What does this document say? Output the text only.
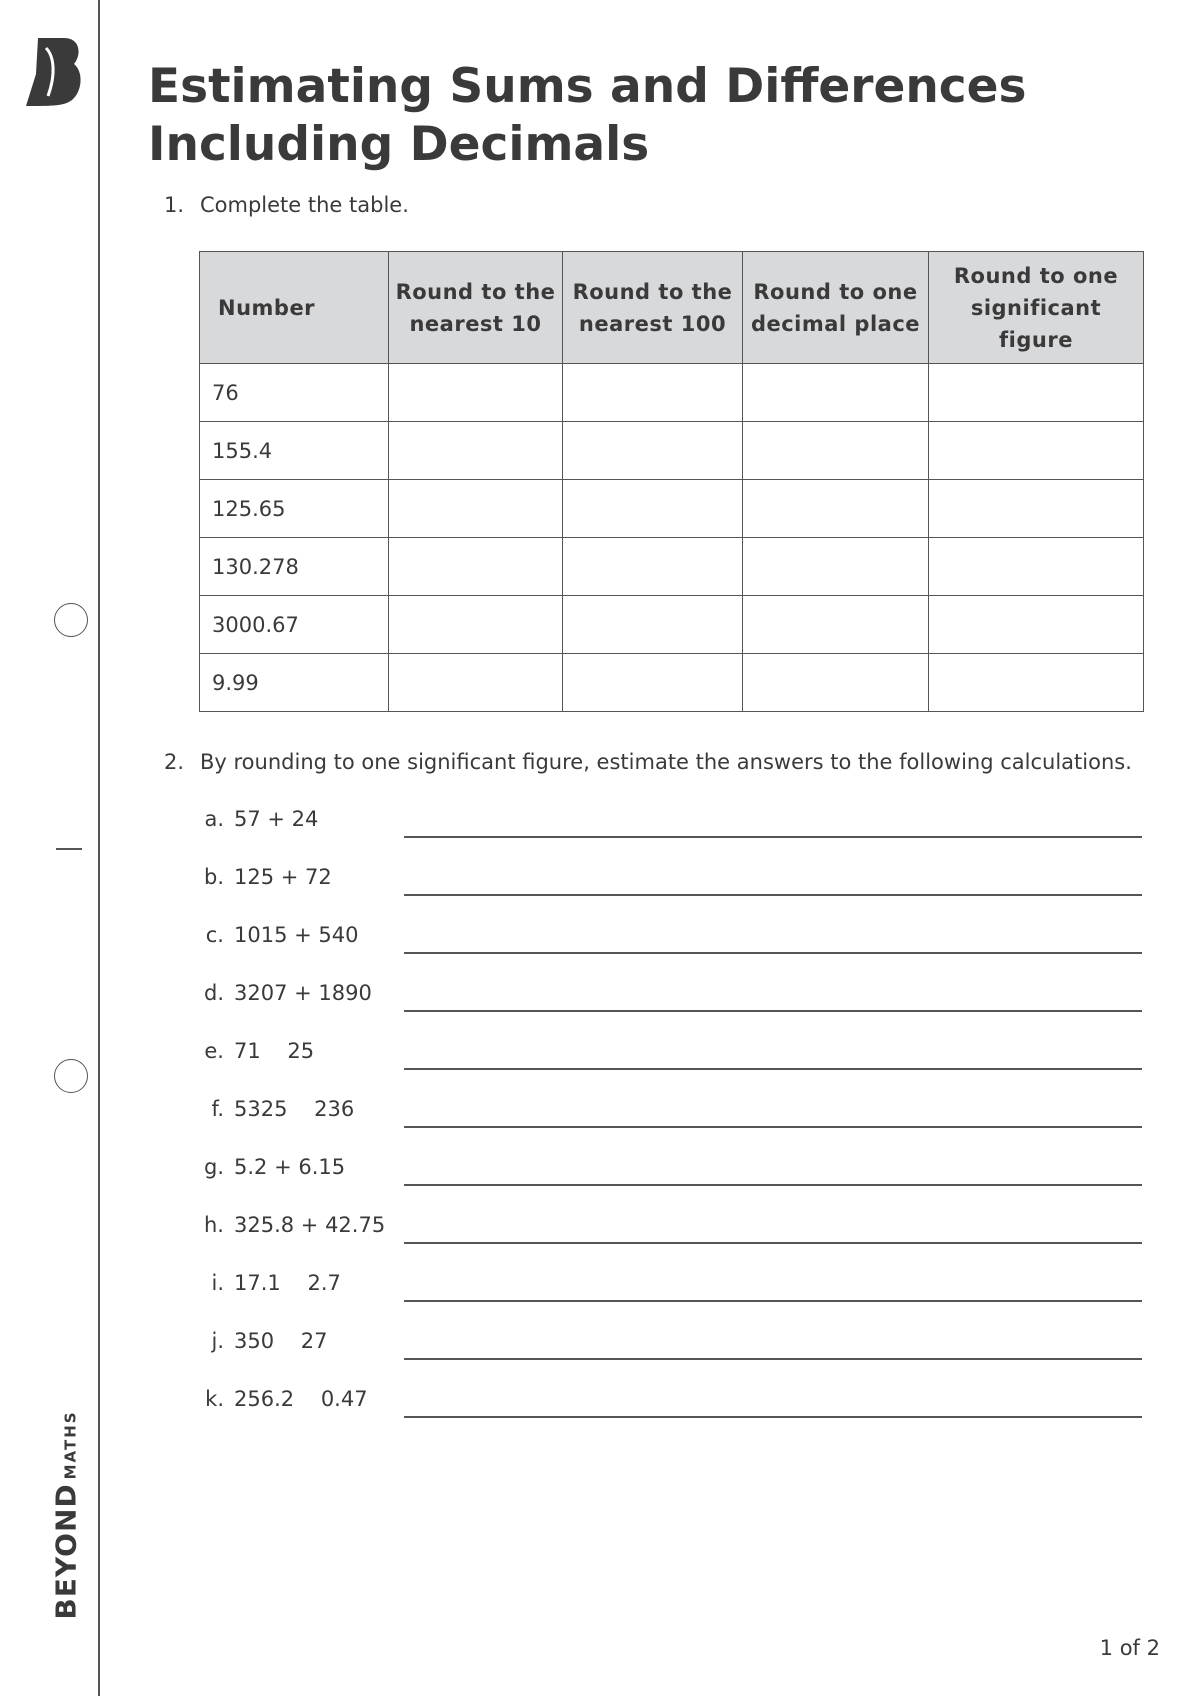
BEYONDMATHS
Estimating Sums and Differences
Including Decimals
1. Complete the table.
Number	Round to the nearest 10	Round to the nearest 100	Round to one decimal place	Round to one significant figure
76				
155.4				
125.65				
130.278				
3000.67				
9.99				
2. By rounding to one significant figure, estimate the answers to the following calculations.
a. 57 + 24
b. 125 + 72
c. 1015 + 540
d. 3207 + 1890
e. 71    25
f. 5325    236
g. 5.2 + 6.15
h. 325.8 + 42.75
i. 17.1    2.7
j. 350    27
k. 256.2    0.47
1 of 2
